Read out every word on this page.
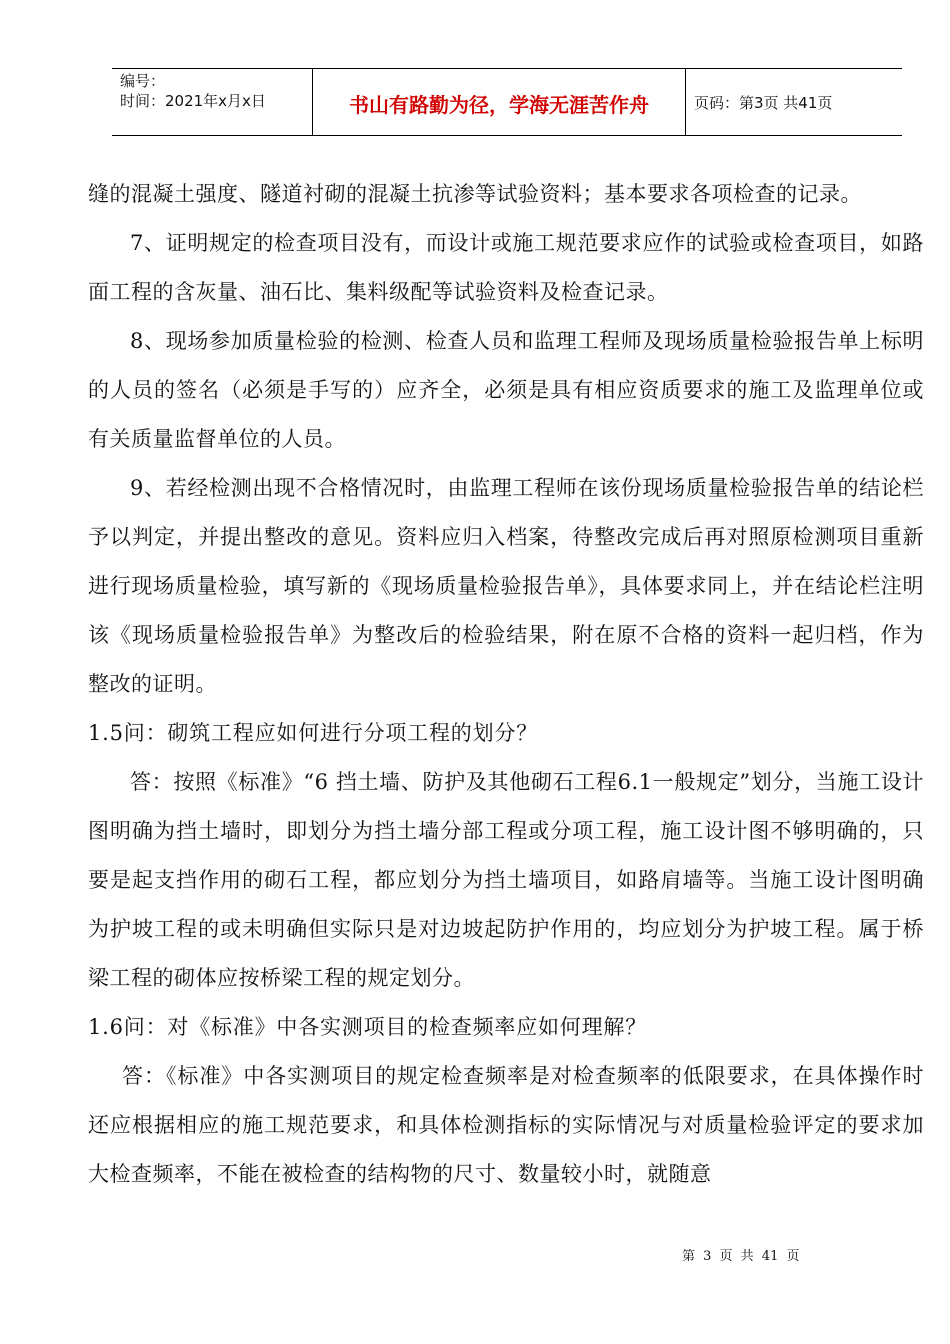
编号：
时间：2021年x月x日	书山有路勤为径，学海无涯苦作舟	页码：第3页 共41页

缝的混凝土强度、隧道衬砌的混凝土抗渗等试验资料；基本要求各项检查的记录。

7、证明规定的检查项目没有，而设计或施工规范要求应作的试验或检查项目，如路面工程的含灰量、油石比、集料级配等试验资料及检查记录。

8、现场参加质量检验的检测、检查人员和监理工程师及现场质量检验报告单上标明的人员的签名（必须是手写的）应齐全，必须是具有相应资质要求的施工及监理单位或有关质量监督单位的人员。

9、若经检测出现不合格情况时，由监理工程师在该份现场质量检验报告单的结论栏予以判定，并提出整改的意见。资料应归入档案，待整改完成后再对照原检测项目重新进行现场质量检验，填写新的《现场质量检验报告单》，具体要求同上，并在结论栏注明该《现场质量检验报告单》为整改后的检验结果，附在原不合格的资料一起归档，作为整改的证明。

1.5问：砌筑工程应如何进行分项工程的划分？

答：按照《标准》“6 挡土墙、防护及其他砌石工程6.1一般规定”划分，当施工设计图明确为挡土墙时，即划分为挡土墙分部工程或分项工程，施工设计图不够明确的，只要是起支挡作用的砌石工程，都应划分为挡土墙项目，如路肩墙等。当施工设计图明确为护坡工程的或未明确但实际只是对边坡起防护作用的，均应划分为护坡工程。属于桥梁工程的砌体应按桥梁工程的规定划分。

1.6问：对《标准》中各实测项目的检查频率应如何理解？

答：《标准》中各实测项目的规定检查频率是对检查频率的低限要求，在具体操作时还应根据相应的施工规范要求，和具体检测指标的实际情况与对质量检验评定的要求加大检查频率，不能在被检查的结构物的尺寸、数量较小时，就随意

第 3 页 共 41 页
